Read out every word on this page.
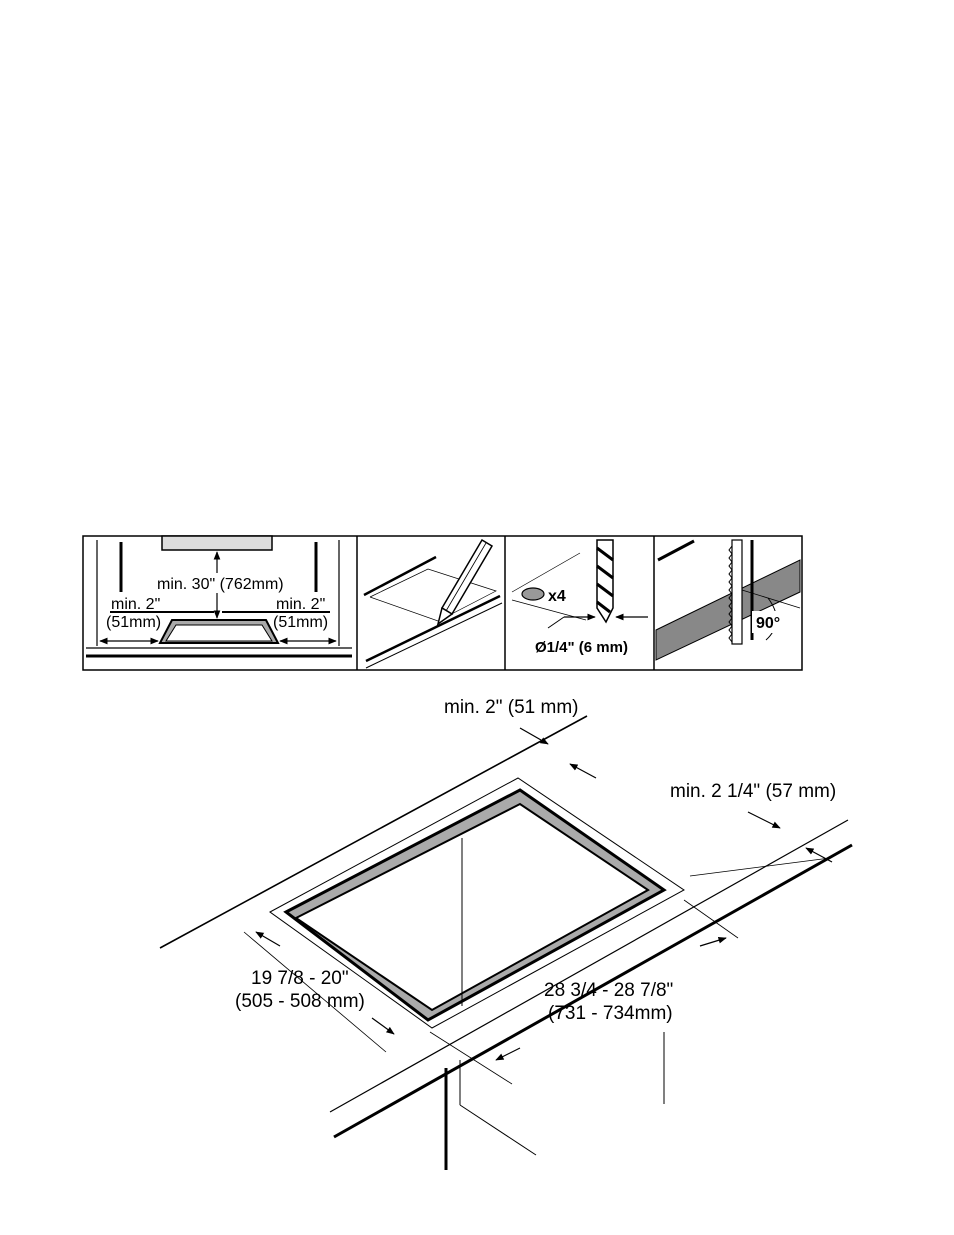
min. 30" (762mm)
min. 2"
(51mm)
min. 2"
(51mm)
x4
Ø1/4" (6 mm)
90°
min. 2" (51 mm)
min. 2 1/4" (57 mm)
19 7/8 - 20"
(505 - 508 mm)
28 3/4 - 28 7/8"
(731 - 734mm)
